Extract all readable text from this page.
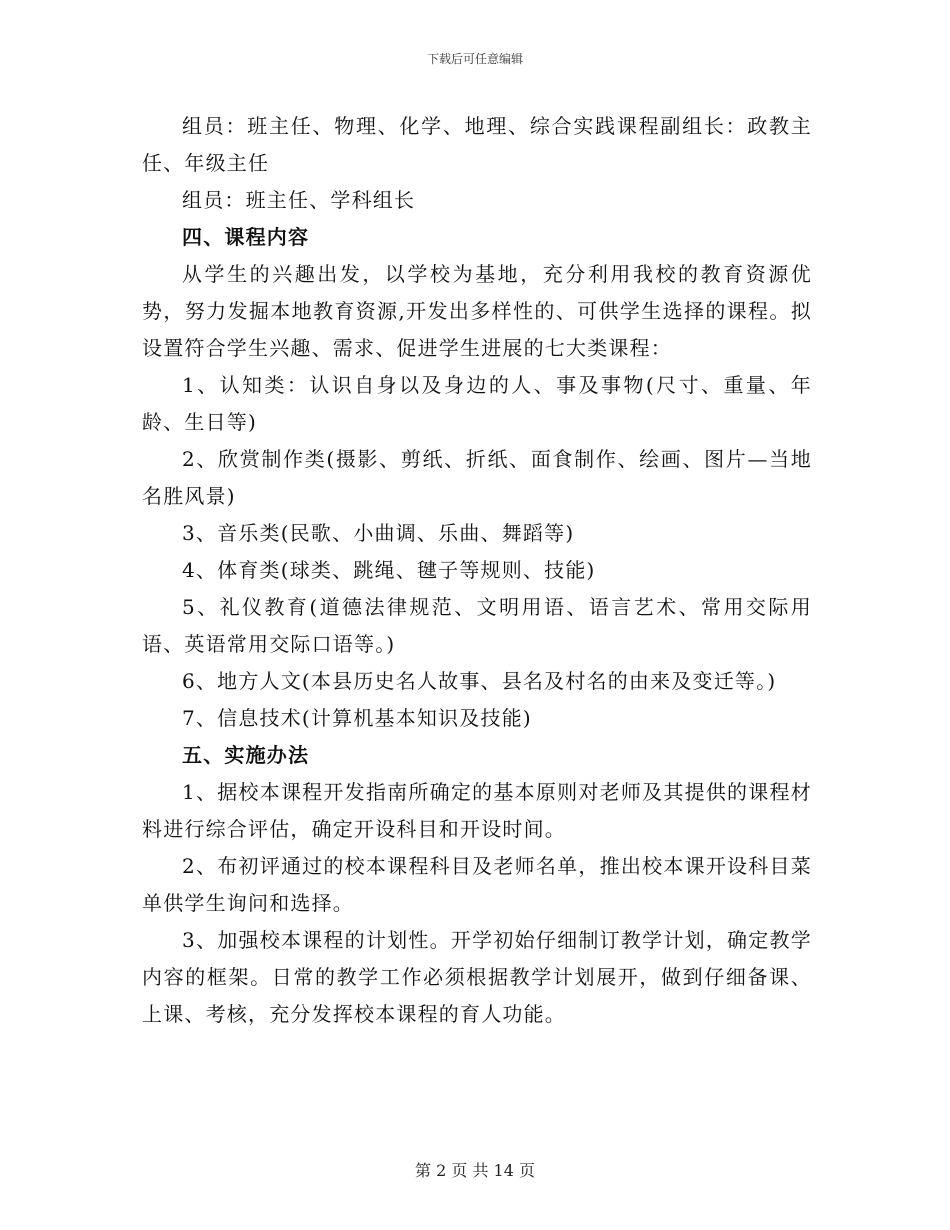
下载后可任意编辑

组员：班主任、物理、化学、地理、综合实践课程副组长：政教主任、年级主任

组员：班主任、学科组长

四、课程内容

从学生的兴趣出发，以学校为基地，充分利用我校的教育资源优势，努力发掘本地教育资源,开发出多样性的、可供学生选择的课程。拟设置符合学生兴趣、需求、促进学生进展的七大类课程：

1、认知类：认识自身以及身边的人、事及事物(尺寸、重量、年龄、生日等)

2、欣赏制作类(摄影、剪纸、折纸、面食制作、绘画、图片—当地名胜风景)

3、音乐类(民歌、小曲调、乐曲、舞蹈等)

4、体育类(球类、跳绳、毽子等规则、技能)

5、礼仪教育(道德法律规范、文明用语、语言艺术、常用交际用语、英语常用交际口语等。)

6、地方人文(本县历史名人故事、县名及村名的由来及变迁等。)

7、信息技术(计算机基本知识及技能)

五、实施办法

1、据校本课程开发指南所确定的基本原则对老师及其提供的课程材料进行综合评估，确定开设科目和开设时间。

2、布初评通过的校本课程科目及老师名单，推出校本课开设科目菜单供学生询问和选择。

3、加强校本课程的计划性。开学初始仔细制订教学计划，确定教学内容的框架。日常的教学工作必须根据教学计划展开，做到仔细备课、上课、考核，充分发挥校本课程的育人功能。

第 2 页 共 14 页
